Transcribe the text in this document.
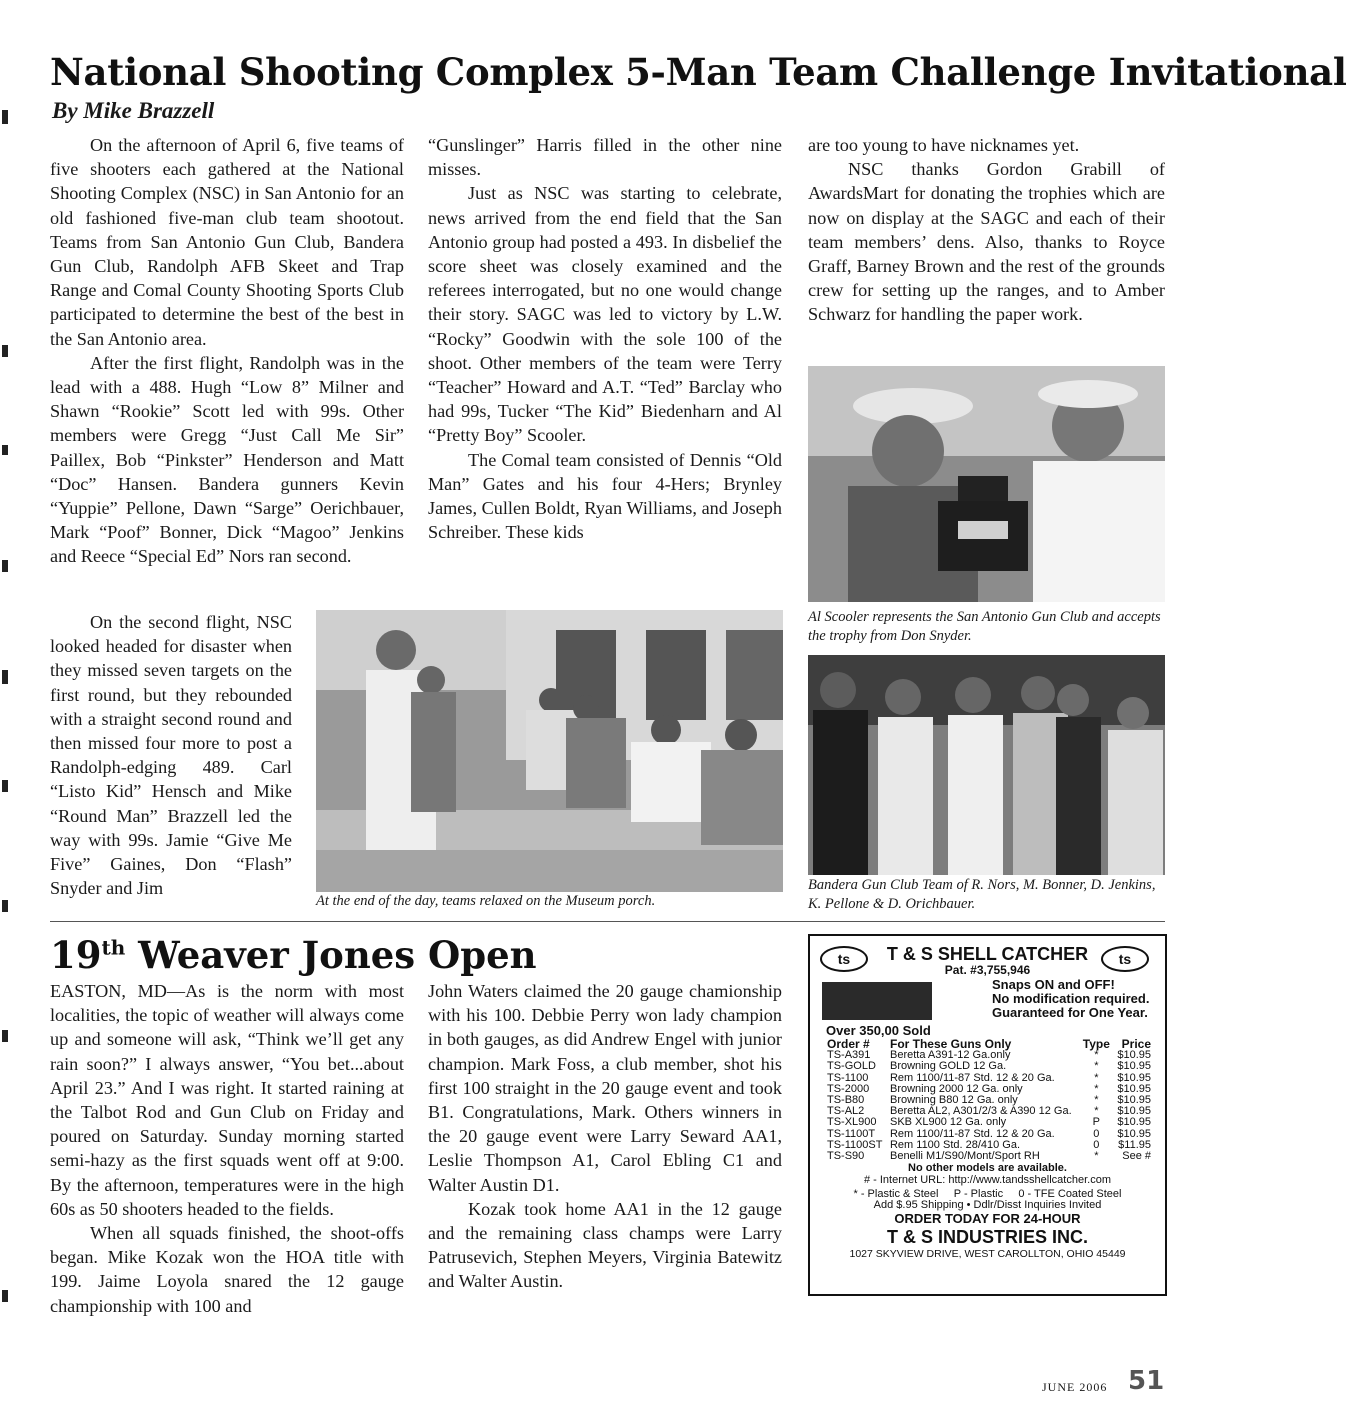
National Shooting Complex 5-Man Team Challenge Invitational
By Mike Brazzell

On the afternoon of April 6, five teams of five shooters each gathered at the National Shooting Complex (NSC) in San Antonio for an old fashioned five-man club team shootout. Teams from San Antonio Gun Club, Bandera Gun Club, Randolph AFB Skeet and Trap Range and Comal County Shooting Sports Club participated to determine the best of the best in the San Antonio area.

After the first flight, Randolph was in the lead with a 488. Hugh “Low 8” Milner and Shawn “Rookie” Scott led with 99s. Other members were Gregg “Just Call Me Sir” Paillex, Bob “Pinkster” Henderson and Matt “Doc” Hansen. Bandera gunners Kevin “Yuppie” Pellone, Dawn “Sarge” Oerichbauer, Mark “Poof” Bonner, Dick “Magoo” Jenkins and Reece “Special Ed” Nors ran second.

On the second flight, NSC looked headed for disaster when they missed seven targets on the first round, but they rebounded with a straight second round and then missed four more to post a Randolph-edging 489. Carl “Listo Kid” Hensch and Mike “Round Man” Brazzell led the way with 99s. Jamie “Give Me Five” Gaines, Don “Flash” Snyder and Jim

“Gunslinger” Harris filled in the other nine misses.

Just as NSC was starting to celebrate, news arrived from the end field that the San Antonio group had posted a 493. In disbelief the score sheet was closely examined and the referees interrogated, but no one would change their story. SAGC was led to victory by L.W. “Rocky” Goodwin with the sole 100 of the shoot. Other members of the team were Terry “Teacher” Howard and A.T. “Ted” Barclay who had 99s, Tucker “The Kid” Biedenharn and Al “Pretty Boy” Scooler.

The Comal team consisted of Dennis “Old Man” Gates and his four 4-Hers; Brynley James, Cullen Boldt, Ryan Williams, and Joseph Schreiber. These kids

are too young to have nicknames yet.

NSC thanks Gordon Grabill of AwardsMart for donating the trophies which are now on display at the SAGC and each of their team members’ dens. Also, thanks to Royce Graff, Barney Brown and the rest of the grounds crew for setting up the ranges, and to Amber Schwarz for handling the paper work.

At the end of the day, teams relaxed on the Museum porch.
Al Scooler represents the San Antonio Gun Club and accepts the trophy from Don Snyder.
Bandera Gun Club Team of R. Nors, M. Bonner, D. Jenkins, K. Pellone & D. Orichbauer.
19th Weaver Jones Open

EASTON, MD—As is the norm with most localities, the topic of weather will always come up and someone will ask, “Think we’ll get any rain soon?” I always answer, “You bet...about April 23.” And I was right. It started raining at the Talbot Rod and Gun Club on Friday and poured on Saturday. Sunday morning started semi-hazy as the first squads went off at 9:00. By the afternoon, temperatures were in the high 60s as 50 shooters headed to the fields.

When all squads finished, the shoot-offs began. Mike Kozak won the HOA title with 199. Jaime Loyola snared the 12 gauge championship with 100 and

John Waters claimed the 20 gauge chamionship with his 100. Debbie Perry won lady champion in both gauges, as did Andrew Engel with junior champion. Mark Foss, a club member, shot his first 100 straight in the 20 gauge event and took B1. Congratulations, Mark. Others winners in the 20 gauge event were Larry Seward AA1, Leslie Thompson A1, Carol Ebling C1 and Walter Austin D1.

Kozak took home AA1 in the 12 gauge and the remaining class champs were Larry Patrusevich, Stephen Meyers, Virginia Batewitz and Walter Austin.

ts	ts
T & S SHELL CATCHER
Pat. #3,755,946
Snaps ON and OFF!
No modification required.
Guaranteed for One Year.
Over 350,00 Sold
Order #	For These Guns Only	Type	Price
TS-A391	Beretta A391-12 Ga.only	*	$10.95
TS-GOLD	Browning GOLD 12 Ga.	*	$10.95
TS-1100	Rem 1100/11-87 Std. 12 & 20 Ga.	*	$10.95
TS-2000	Browning 2000 12 Ga. only	*	$10.95
TS-B80	Browning B80 12 Ga. only	*	$10.95
TS-AL2	Beretta AL2, A301/2/3 & A390 12 Ga.	*	$10.95
TS-XL900	SKB XL900 12 Ga. only	P	$10.95
TS-1100T	Rem 1100/11-87 Std. 12 & 20 Ga.	0	$10.95
TS-1100ST	Rem 1100 Std. 28/410 Ga.	0	$11.95
TS-S90	Benelli M1/S90/Mont/Sport RH	*	See #
No other models are available.
# - Internet URL: http://www.tandsshellcatcher.com
* - Plastic & Steel     P - Plastic     0 - TFE Coated Steel
Add $.95 Shipping • Ddlr/Disst Inquiries Invited
ORDER TODAY FOR 24-HOUR
T & S INDUSTRIES INC.
1027 SKYVIEW DRIVE, WEST CAROLLTON, OHIO 45449
JUNE 2006 51
